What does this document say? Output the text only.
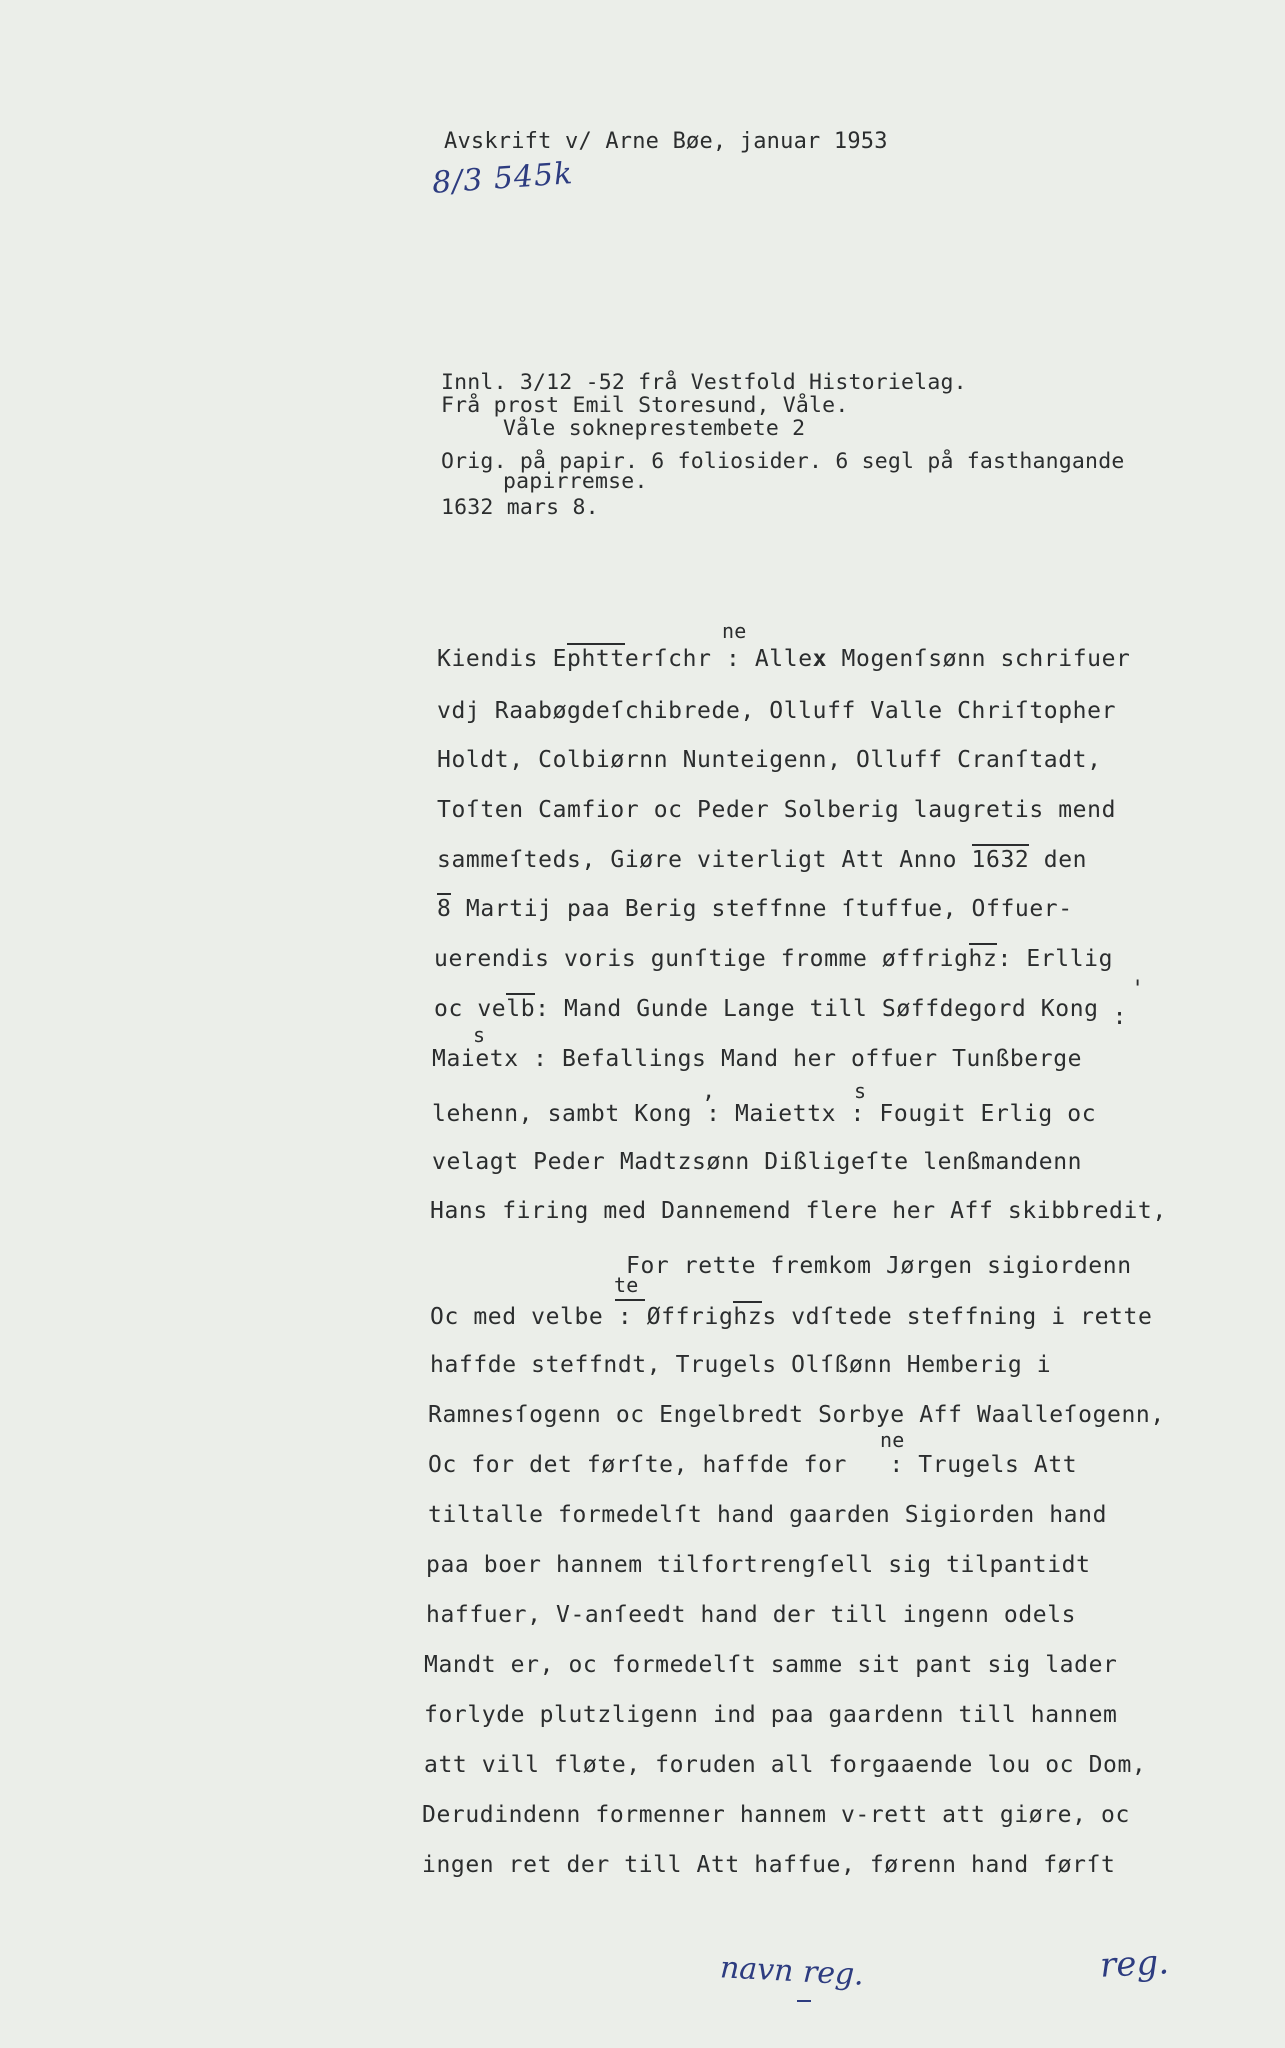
Avskrift v/ Arne Bøe, januar 1953
8/3 545k
Innl. 3/12 -52 frå Vestfold Historielag.
Frå prost Emil Storesund, Våle.
Våle sokneprestembete 2
Orig. på papir. 6 foliosider. 6 segl på fasthangande
papirremse.
1632 mars 8.
ne
Kiendis Ephtterſchr : Allex Mogenſsønn schrifuer
vdj Raabøgdeſchibrede, Olluff Valle Chriſtopher
Holdt, Colbiørnn Nunteigenn, Olluff Cranſtadt,
Toſten Camfior oc Peder Solberig laugretis mend
sammeſteds, Giøre viterligt Att Anno 1632 den
8 Martij paa Berig steffnne ſtuffue, Offuer-
uerendis voris gunſtige fromme øffrighz: Erllig
oc velb: Mand Gunde Lange till Søffdegord Kong :
'
s
Maietx : Befallings Mand her offuer Tunßberge
s
,
lehenn, sambt Kong : Maiettx : Fougit Erlig oc
velagt Peder Madtzsønn Dißligeſte lenßmandenn
Hans firing med Dannemend flere her Aff skibbredit,
For rette fremkom Jørgen sigiordenn
te
Oc med velbe : Øffrighzs vdſtede steffning i rette
haffde steffndt, Trugels Olſßønn Hemberig i
Ramnesſogenn oc Engelbredt Sorbye Aff Waalleſogenn,
ne
Oc for det førſte, haffde for : Trugels Att
tiltalle formedelſt hand gaarden Sigiorden hand
paa boer hannem tilfortrengſell sig tilpantidt
haffuer, V-anſeedt hand der till ingenn odels
Mandt er, oc formedelſt samme sit pant sig lader
forlyde plutzligenn ind paa gaardenn till hannem
att vill fløte, foruden all forgaaende lou oc Dom,
Derudindenn formenner hannem v-rett att giøre, oc
ingen ret der till Att haffue, førenn hand førſt
navn reg.	reg.
